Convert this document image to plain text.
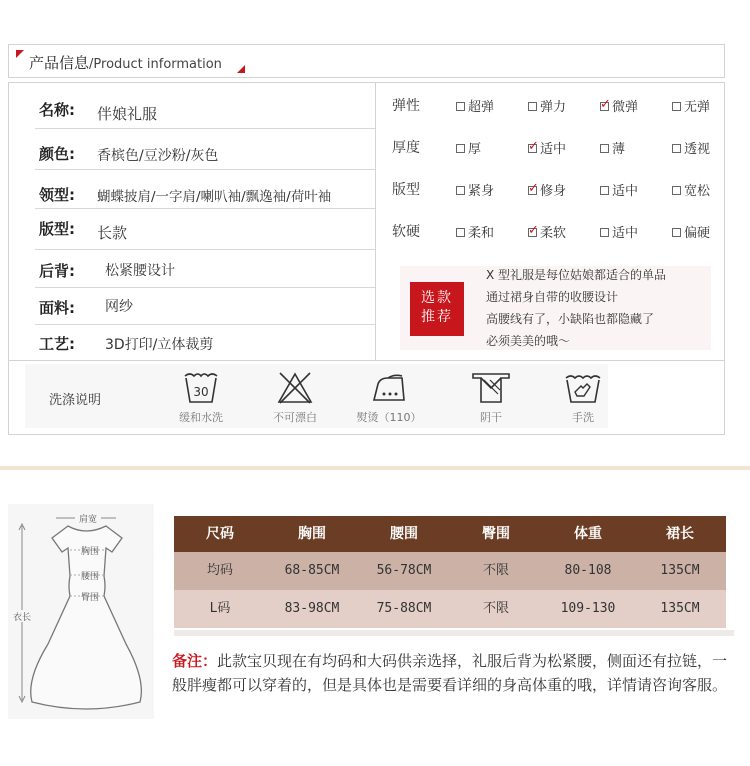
产品信息/Product information
名称: 伴娘礼服
颜色: 香槟色/豆沙粉/灰色
领型: 蝴蝶披肩/一字肩/喇叭袖/飘逸袖/荷叶袖
版型: 长款
后背: 松紧腰设计
面料: 网纱
工艺: 3D打印/立体裁剪
弹性	超弹	弹力 ✓	微弹	无弹
厚度	厚 ✓	适中	薄	透视
版型	紧身 ✓	修身	适中	宽松
软硬	柔和 ✓	柔软	适中	偏硬
选款
推荐
X 型礼服是每位姑娘都适合的单品
通过裙身自带的收腰设计
高腰线有了，小缺陷也都隐藏了
必须美美的哦～
洗涤说明
30
缓和水洗	不可漂白	熨烫（110）	阴干	手洗
肩宽
胸围
腰围
臀围
衣长
尺码	胸围	腰围	臀围	体重	裙长
均码	68-85CM	56-78CM	不限	80-108	135CM
L码	83-98CM	75-88CM	不限	109-130	135CM
备注：此款宝贝现在有均码和大码供亲选择，礼服后背为松紧腰，侧面还有拉链，一般胖瘦都可以穿着的，但是具体也是需要看详细的身高体重的哦，详情请咨询客服。
